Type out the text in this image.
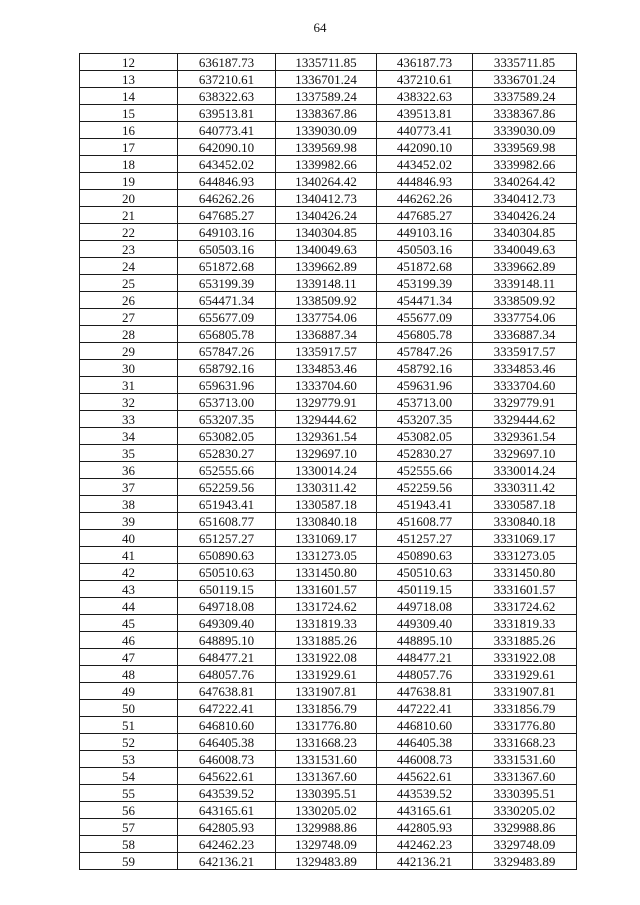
64
12	636187.73	1335711.85	436187.73	3335711.85
13	637210.61	1336701.24	437210.61	3336701.24
14	638322.63	1337589.24	438322.63	3337589.24
15	639513.81	1338367.86	439513.81	3338367.86
16	640773.41	1339030.09	440773.41	3339030.09
17	642090.10	1339569.98	442090.10	3339569.98
18	643452.02	1339982.66	443452.02	3339982.66
19	644846.93	1340264.42	444846.93	3340264.42
20	646262.26	1340412.73	446262.26	3340412.73
21	647685.27	1340426.24	447685.27	3340426.24
22	649103.16	1340304.85	449103.16	3340304.85
23	650503.16	1340049.63	450503.16	3340049.63
24	651872.68	1339662.89	451872.68	3339662.89
25	653199.39	1339148.11	453199.39	3339148.11
26	654471.34	1338509.92	454471.34	3338509.92
27	655677.09	1337754.06	455677.09	3337754.06
28	656805.78	1336887.34	456805.78	3336887.34
29	657847.26	1335917.57	457847.26	3335917.57
30	658792.16	1334853.46	458792.16	3334853.46
31	659631.96	1333704.60	459631.96	3333704.60
32	653713.00	1329779.91	453713.00	3329779.91
33	653207.35	1329444.62	453207.35	3329444.62
34	653082.05	1329361.54	453082.05	3329361.54
35	652830.27	1329697.10	452830.27	3329697.10
36	652555.66	1330014.24	452555.66	3330014.24
37	652259.56	1330311.42	452259.56	3330311.42
38	651943.41	1330587.18	451943.41	3330587.18
39	651608.77	1330840.18	451608.77	3330840.18
40	651257.27	1331069.17	451257.27	3331069.17
41	650890.63	1331273.05	450890.63	3331273.05
42	650510.63	1331450.80	450510.63	3331450.80
43	650119.15	1331601.57	450119.15	3331601.57
44	649718.08	1331724.62	449718.08	3331724.62
45	649309.40	1331819.33	449309.40	3331819.33
46	648895.10	1331885.26	448895.10	3331885.26
47	648477.21	1331922.08	448477.21	3331922.08
48	648057.76	1331929.61	448057.76	3331929.61
49	647638.81	1331907.81	447638.81	3331907.81
50	647222.41	1331856.79	447222.41	3331856.79
51	646810.60	1331776.80	446810.60	3331776.80
52	646405.38	1331668.23	446405.38	3331668.23
53	646008.73	1331531.60	446008.73	3331531.60
54	645622.61	1331367.60	445622.61	3331367.60
55	643539.52	1330395.51	443539.52	3330395.51
56	643165.61	1330205.02	443165.61	3330205.02
57	642805.93	1329988.86	442805.93	3329988.86
58	642462.23	1329748.09	442462.23	3329748.09
59	642136.21	1329483.89	442136.21	3329483.89
